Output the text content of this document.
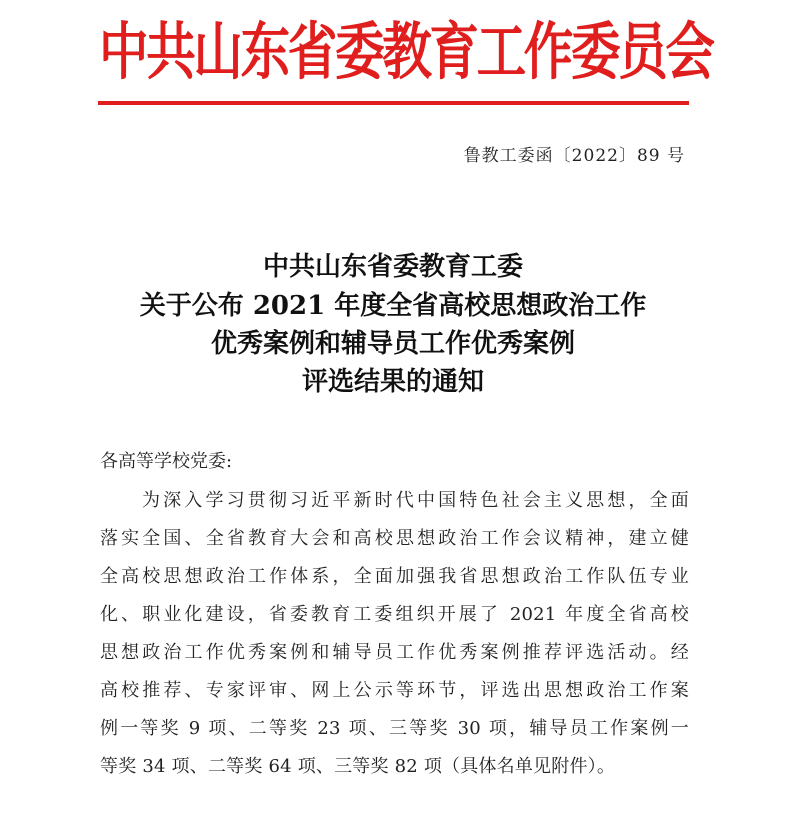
中共山东省委教育工作委员会
鲁教工委函〔2022〕89 号
中共山东省委教育工委
关于公布 2021 年度全省高校思想政治工作
优秀案例和辅导员工作优秀案例
评选结果的通知
各高等学校党委:
为深入学习贯彻习近平新时代中国特色社会主义思想，全面
落实全国、全省教育大会和高校思想政治工作会议精神，建立健
全高校思想政治工作体系，全面加强我省思想政治工作队伍专业
化、职业化建设，省委教育工委组织开展了 2021 年度全省高校
思想政治工作优秀案例和辅导员工作优秀案例推荐评选活动。经
高校推荐、专家评审、网上公示等环节，评选出思想政治工作案
例一等奖 9 项、二等奖 23 项、三等奖 30 项，辅导员工作案例一
等奖 34 项、二等奖 64 项、三等奖 82 项（具体名单见附件）。
